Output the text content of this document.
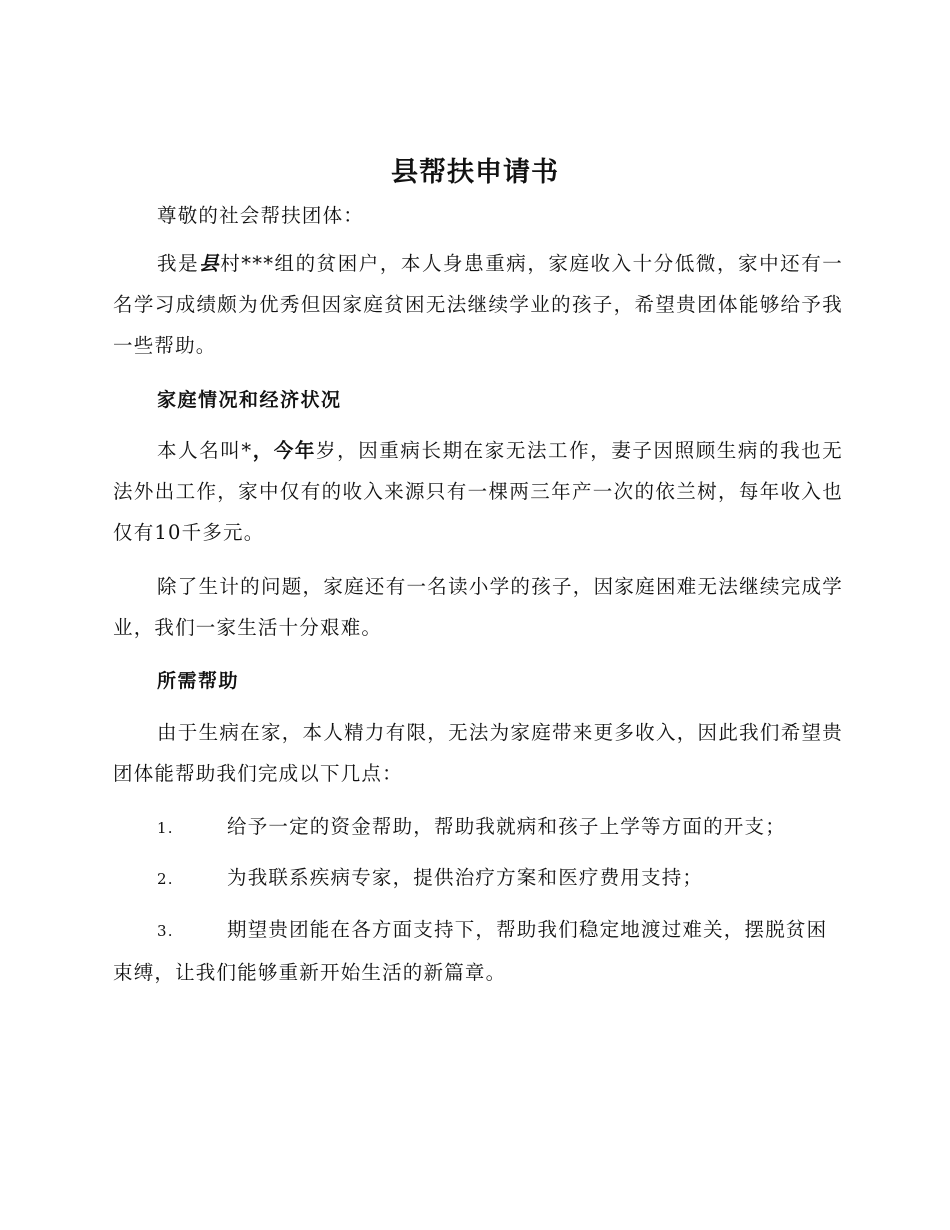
县帮扶申请书

尊敬的社会帮扶团体：

我是县村***组的贫困户，本人身患重病，家庭收入十分低微，家中还有一名学习成绩颇为优秀但因家庭贫困无法继续学业的孩子，希望贵团体能够给予我一些帮助。

家庭情况和经济状况

本人名叫*，今年岁，因重病长期在家无法工作，妻子因照顾生病的我也无法外出工作，家中仅有的收入来源只有一棵两三年产一次的依兰树，每年收入也仅有10千多元。

除了生计的问题，家庭还有一名读小学的孩子，因家庭困难无法继续完成学业，我们一家生活十分艰难。

所需帮助

由于生病在家，本人精力有限，无法为家庭带来更多收入，因此我们希望贵团体能帮助我们完成以下几点：

1.	给予一定的资金帮助，帮助我就病和孩子上学等方面的开支；

2.	为我联系疾病专家，提供治疗方案和医疗费用支持；

3.	期望贵团能在各方面支持下，帮助我们稳定地渡过难关，摆脱贫困束缚，让我们能够重新开始生活的新篇章。
